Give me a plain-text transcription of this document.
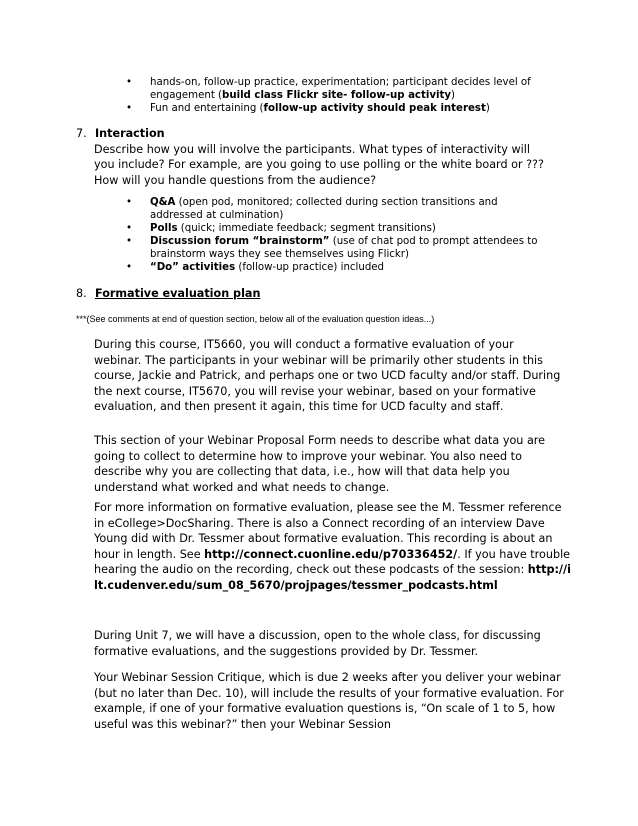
• hands-on, follow-up practice, experimentation; participant decides level of engagement (build class Flickr site- follow-up activity)
• Fun and entertaining (follow-up activity should peak interest)
7. Interaction

Describe how you will involve the participants. What types of interactivity will you include? For example, are you going to use polling or the white board or ??? How will you handle questions from the audience?

• Q&A (open pod, monitored; collected during section transitions and addressed at culmination)
• Polls (quick; immediate feedback; segment transitions)
• Discussion forum “brainstorm” (use of chat pod to prompt attendees to brainstorm ways they see themselves using Flickr)
• “Do” activities (follow-up practice) included
8. Formative evaluation plan
***(See comments at end of question section, below all of the evaluation question ideas...)

During this course, IT5660, you will conduct a formative evaluation of your webinar. The participants in your webinar will be primarily other students in this course, Jackie and Patrick, and perhaps one or two UCD faculty and/or staff. During the next course, IT5670, you will revise your webinar, based on your formative evaluation, and then present it again, this time for UCD faculty and staff.

This section of your Webinar Proposal Form needs to describe what data you are going to collect to determine how to improve your webinar. You also need to describe why you are collecting that data, i.e., how will that data help you understand what worked and what needs to change.

For more information on formative evaluation, please see the M. Tessmer reference in eCollege>DocSharing. There is also a Connect recording of an interview Dave Young did with Dr. Tessmer about formative evaluation. This recording is about an hour in length. See http://connect.cuonline.edu/p70336452/. If you have trouble hearing the audio on the recording, check out these podcasts of the session: http://ilt.cudenver.edu/sum_08_5670/projpages/tessmer_podcasts.html

During Unit 7, we will have a discussion, open to the whole class, for discussing formative evaluations, and the suggestions provided by Dr. Tessmer.

Your Webinar Session Critique, which is due 2 weeks after you deliver your webinar (but no later than Dec. 10), will include the results of your formative evaluation. For example, if one of your formative evaluation questions is, “On scale of 1 to 5, how useful was this webinar?” then your Webinar Session
